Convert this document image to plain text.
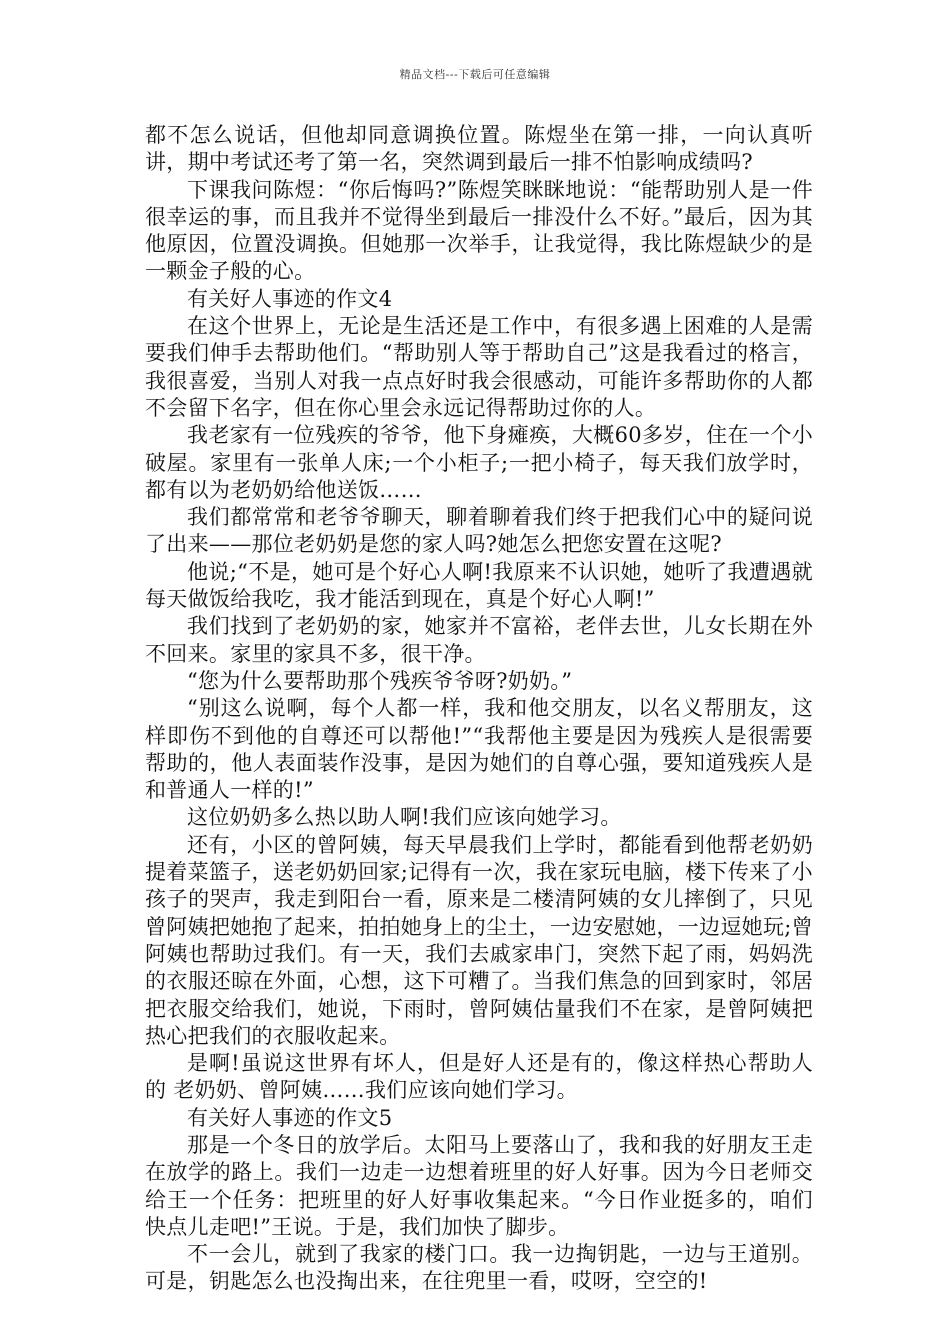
精品文档---下载后可任意编辑

都不怎么说话，但他却同意调换位置。陈煜坐在第一排，一向认真听讲，期中考试还考了第一名，突然调到最后一排不怕影响成绩吗?

下课我问陈煜：“你后悔吗?”陈煜笑眯眯地说：“能帮助别人是一件很幸运的事，而且我并不觉得坐到最后一排没什么不好。”最后，因为其他原因，位置没调换。但她那一次举手，让我觉得，我比陈煜缺少的是一颗金子般的心。

有关好人事迹的作文4

在这个世界上，无论是生活还是工作中，有很多遇上困难的人是需要我们伸手去帮助他们。“帮助别人等于帮助自己”这是我看过的格言，我很喜爱，当别人对我一点点好时我会很感动，可能许多帮助你的人都不会留下名字，但在你心里会永远记得帮助过你的人。

我老家有一位残疾的爷爷，他下身瘫痪，大概60多岁，住在一个小破屋。家里有一张单人床;一个小柜子;一把小椅子，每天我们放学时，都有以为老奶奶给他送饭……

我们都常常和老爷爷聊天，聊着聊着我们终于把我们心中的疑问说了出来——那位老奶奶是您的家人吗?她怎么把您安置在这呢?

他说;“不是，她可是个好心人啊!我原来不认识她，她听了我遭遇就每天做饭给我吃，我才能活到现在，真是个好心人啊!”

我们找到了老奶奶的家，她家并不富裕，老伴去世，儿女长期在外不回来。家里的家具不多，很干净。

“您为什么要帮助那个残疾爷爷呀?奶奶。”

“别这么说啊，每个人都一样，我和他交朋友，以名义帮朋友，这样即伤不到他的自尊还可以帮他!”“我帮他主要是因为残疾人是很需要帮助的，他人表面装作没事，是因为她们的自尊心强，要知道残疾人是和普通人一样的!”

这位奶奶多么热以助人啊!我们应该向她学习。

还有，小区的曾阿姨，每天早晨我们上学时，都能看到他帮老奶奶提着菜篮子，送老奶奶回家;记得有一次，我在家玩电脑，楼下传来了小孩子的哭声，我走到阳台一看，原来是二楼清阿姨的女儿摔倒了，只见曾阿姨把她抱了起来，拍拍她身上的尘土，一边安慰她，一边逗她玩;曾阿姨也帮助过我们。有一天，我们去戚家串门，突然下起了雨，妈妈洗的衣服还晾在外面，心想，这下可糟了。当我们焦急的回到家时，邻居把衣服交给我们，她说，下雨时，曾阿姨估量我们不在家，是曾阿姨把热心把我们的衣服收起来。

是啊!虽说这世界有坏人，但是好人还是有的，像这样热心帮助人的 老奶奶、曾阿姨……我们应该向她们学习。

有关好人事迹的作文5

那是一个冬日的放学后。太阳马上要落山了，我和我的好朋友王走在放学的路上。我们一边走一边想着班里的好人好事。因为今日老师交给王一个任务：把班里的好人好事收集起来。“今日作业挺多的，咱们快点儿走吧!”王说。于是，我们加快了脚步。

不一会儿，就到了我家的楼门口。我一边掏钥匙，一边与王道别。可是，钥匙怎么也没掏出来，在往兜里一看，哎呀，空空的!
